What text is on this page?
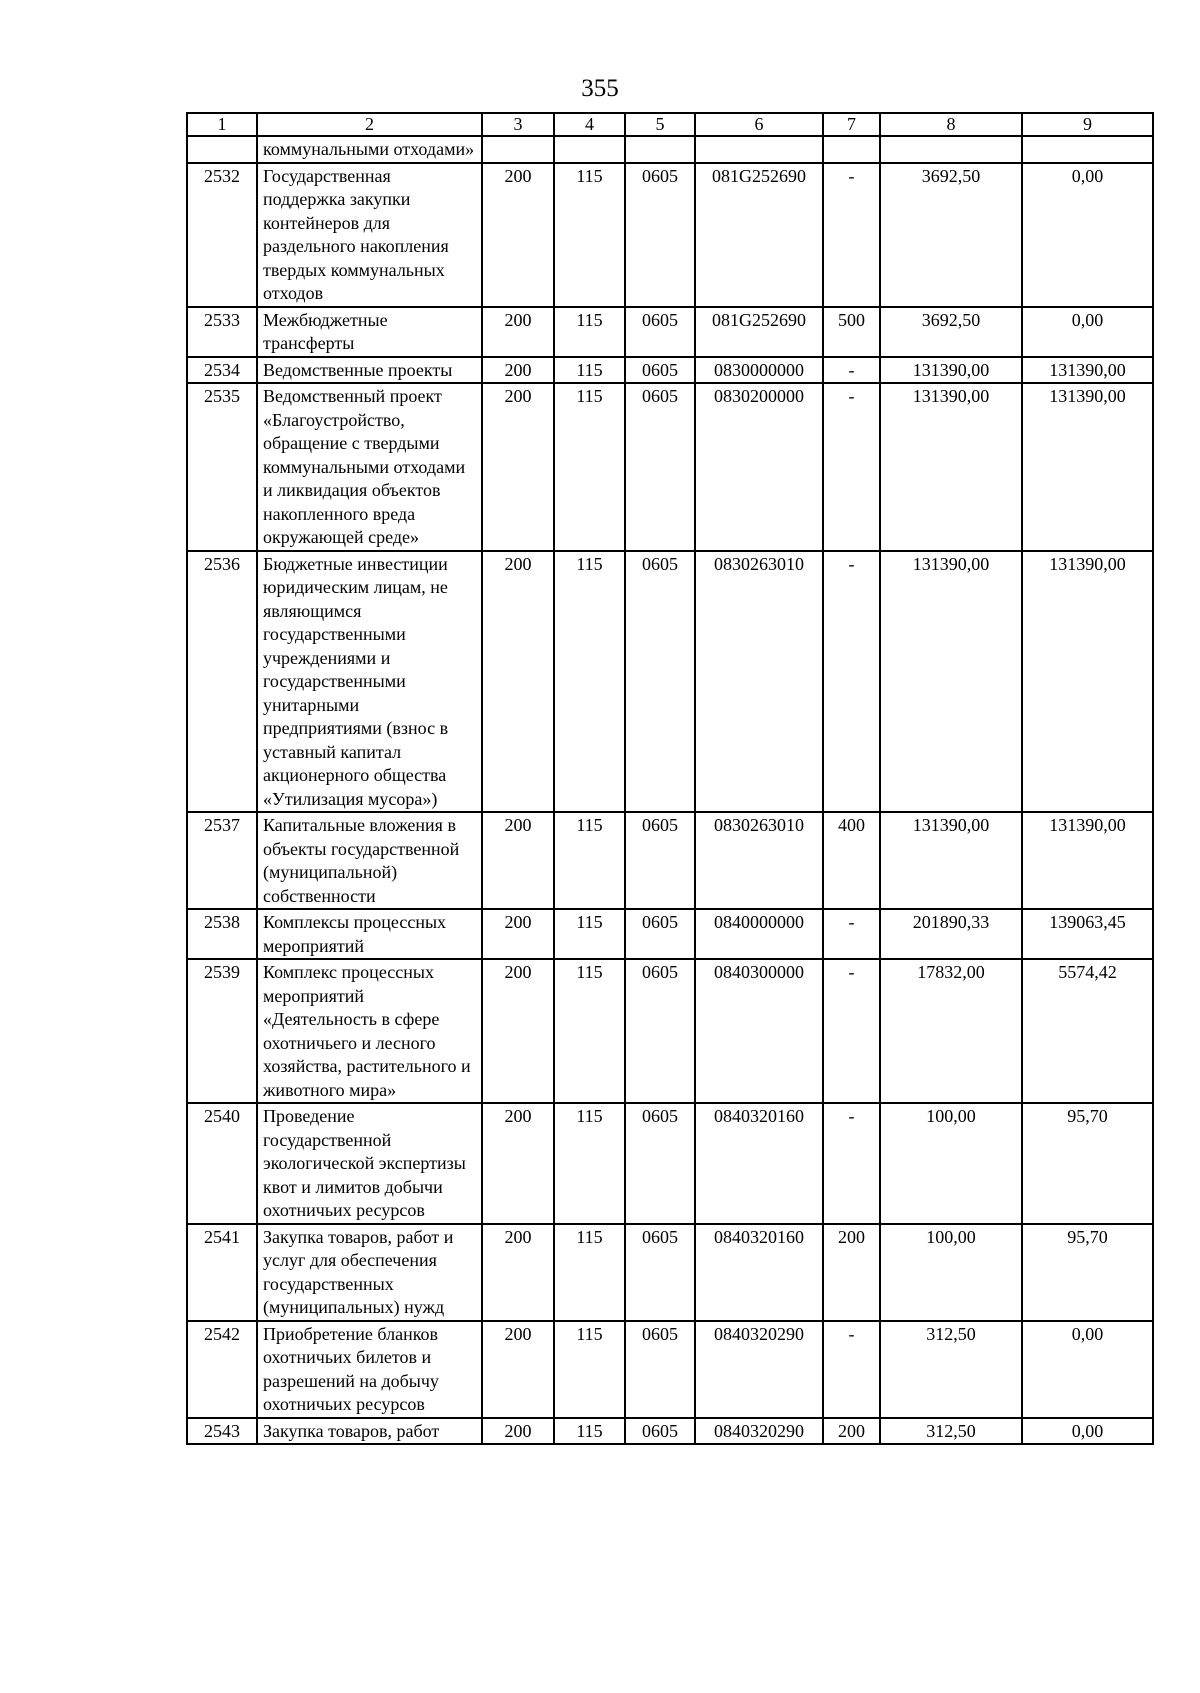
355
1	2	3	4	5	6	7	8	9
	коммунальными отходами»							
2532	Государственная поддержка закупки контейнеров для раздельного накопления твердых коммунальных отходов	200	115	0605	081G252690	-	3692,50	0,00
2533	Межбюджетные трансферты	200	115	0605	081G252690	500	3692,50	0,00
2534	Ведомственные проекты	200	115	0605	0830000000	-	131390,00	131390,00
2535	Ведомственный проект «Благоустройство, обращение с твердыми коммунальными отходами и ликвидация объектов накопленного вреда окружающей среде»	200	115	0605	0830200000	-	131390,00	131390,00
2536	Бюджетные инвестиции юридическим лицам, не являющимся государственными учреждениями и государственными унитарными предприятиями (взнос в уставный капитал акционерного общества «Утилизация мусора»)	200	115	0605	0830263010	-	131390,00	131390,00
2537	Капитальные вложения в объекты государственной (муниципальной) собственности	200	115	0605	0830263010	400	131390,00	131390,00
2538	Комплексы процессных мероприятий	200	115	0605	0840000000	-	201890,33	139063,45
2539	Комплекс процессных мероприятий «Деятельность в сфере охотничьего и лесного хозяйства, растительного и животного мира»	200	115	0605	0840300000	-	17832,00	5574,42
2540	Проведение государственной экологической экспертизы квот и лимитов добычи охотничьих ресурсов	200	115	0605	0840320160	-	100,00	95,70
2541	Закупка товаров, работ и услуг для обеспечения государственных (муниципальных) нужд	200	115	0605	0840320160	200	100,00	95,70
2542	Приобретение бланков охотничьих билетов и разрешений на добычу охотничьих ресурсов	200	115	0605	0840320290	-	312,50	0,00
2543	Закупка товаров, работ	200	115	0605	0840320290	200	312,50	0,00
